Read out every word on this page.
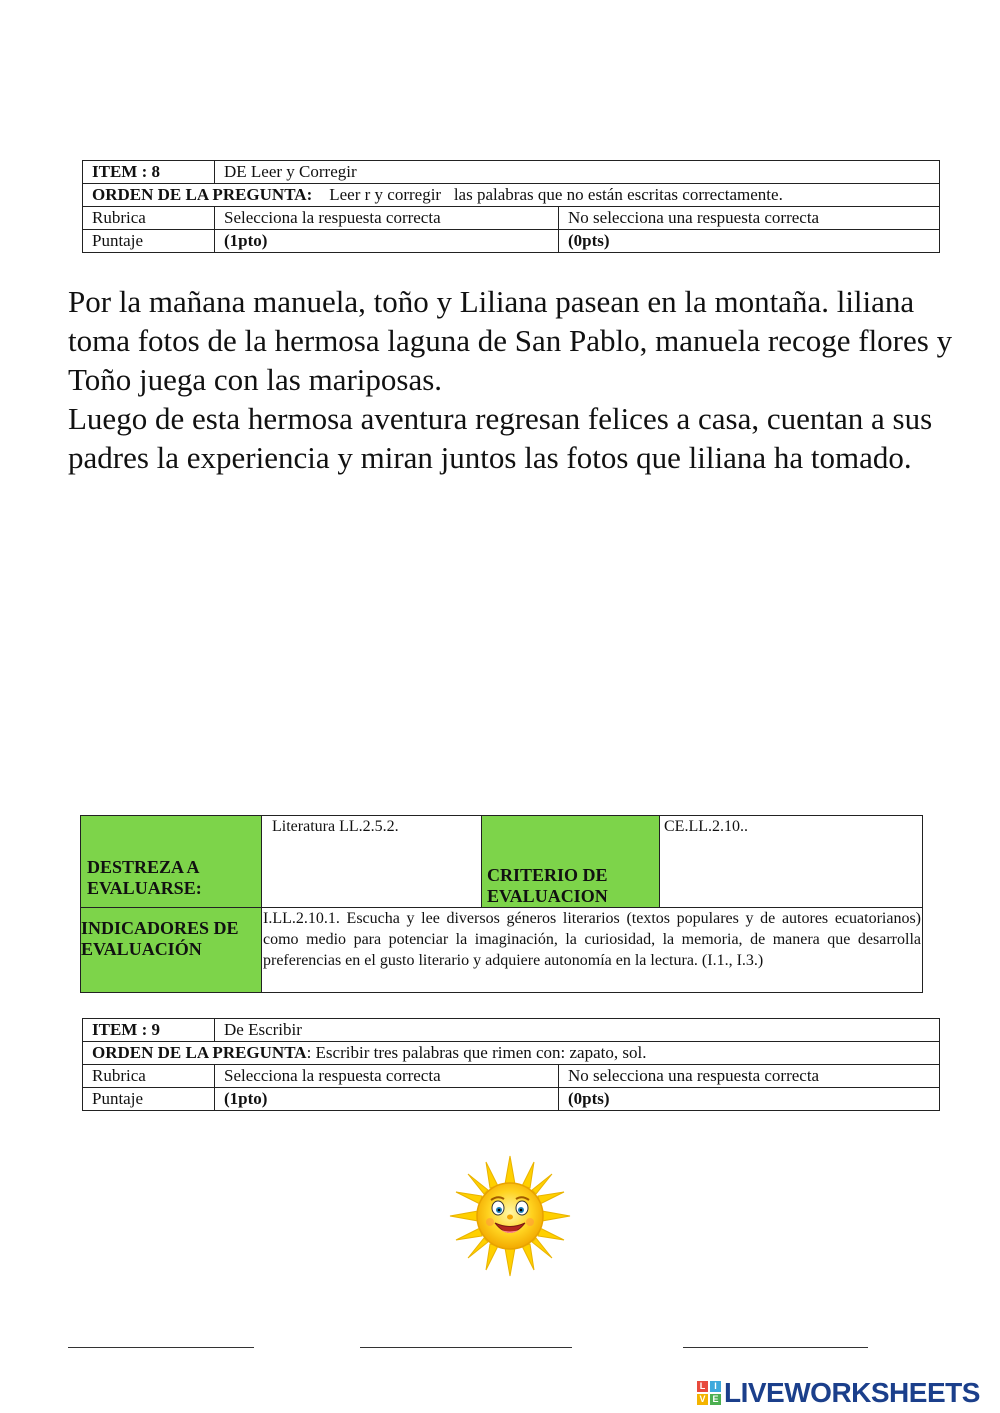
ITEM : 8	DE Leer y Corregir	
ORDEN DE LA PREGUNTA:    Leer r y corregir   las palabras que no están escritas correctamente.		
Rubrica	Selecciona la respuesta correcta	No selecciona una respuesta correcta
Puntaje	(1pto)	(0pts)
Por la mañana manuela, toño y Liliana pasean en la montaña. liliana toma fotos de la hermosa laguna de San Pablo, manuela recoge flores y Toño juega con las mariposas.
Luego de esta hermosa aventura regresan felices a casa, cuentan a sus padres la experiencia y miran juntos las fotos que liliana ha tomado.
DESTREZA A EVALUARSE:	Literatura LL.2.5.2.	CRITERIO DE EVALUACION	CE.LL.2.10..
INDICADORES DE EVALUACIÓN	I.LL.2.10.1. Escucha y lee diversos géneros literarios (textos populares y de autores ecuatorianos) como medio para potenciar la imaginación, la curiosidad, la memoria, de manera que desarrolla preferencias en el gusto literario y adquiere autonomía en la lectura. (I.1., I.3.)		
ITEM : 9	De Escribir	
ORDEN DE LA PREGUNTA: Escribir tres palabras que rimen con: zapato, sol.		
Rubrica	Selecciona la respuesta correcta	No selecciona una respuesta correcta
Puntaje	(1pto)	(0pts)
L I
V E LIVEWORKSHEETS
